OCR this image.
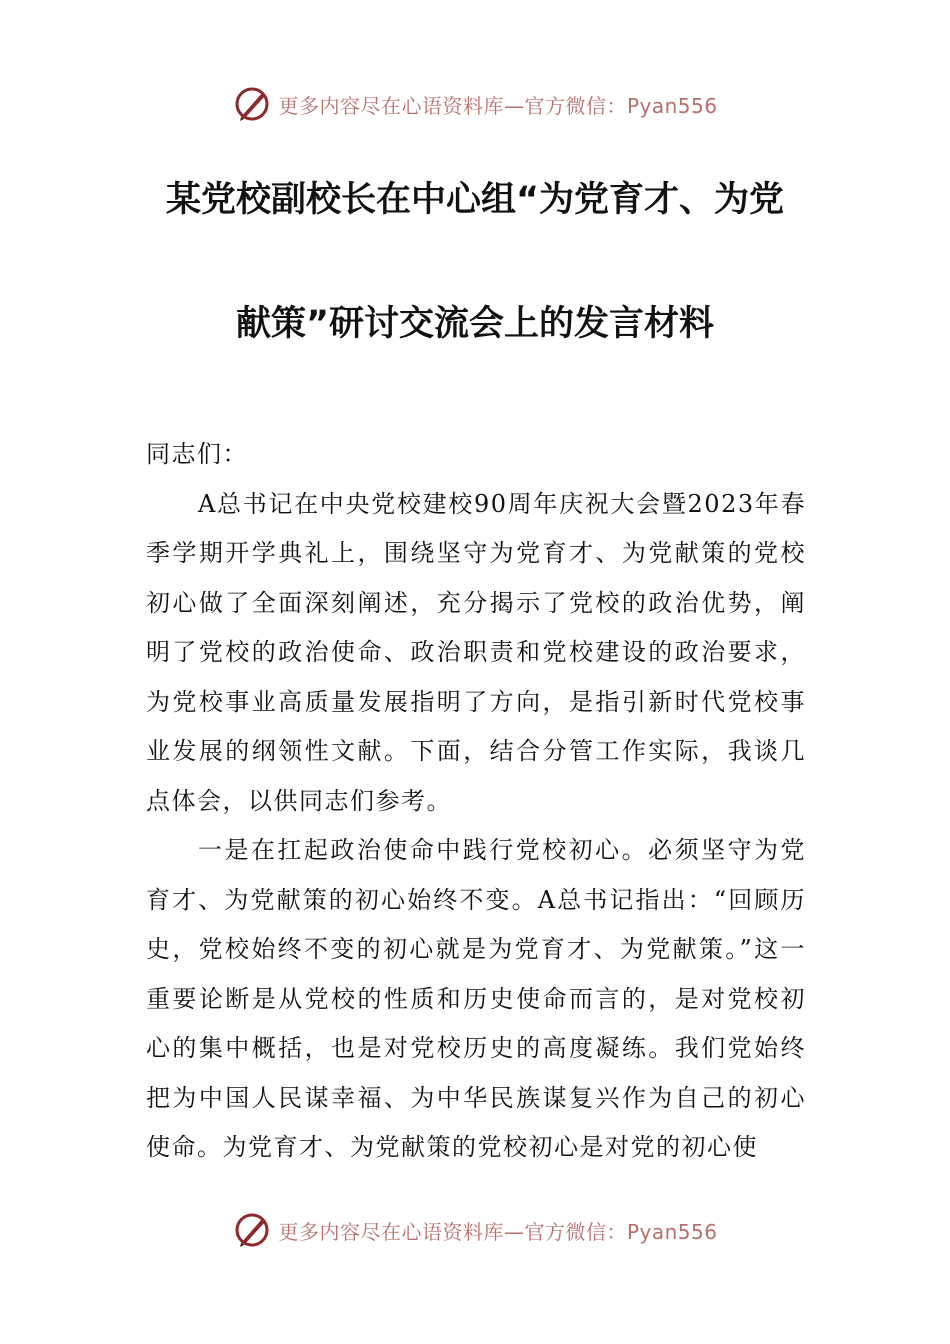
更多内容尽在心语资料库—官方微信：Pyan556
某党校副校长在中心组“为党育才、为党
献策”研讨交流会上的发言材料

同志们：

A总书记在中央党校建校90周年庆祝大会暨2023年春季学期开学典礼上，围绕坚守为党育才、为党献策的党校初心做了全面深刻阐述，充分揭示了党校的政治优势，阐明了党校的政治使命、政治职责和党校建设的政治要求，为党校事业高质量发展指明了方向，是指引新时代党校事业发展的纲领性文献。下面，结合分管工作实际，我谈几点体会，以供同志们参考。

一是在扛起政治使命中践行党校初心。必须坚守为党育才、为党献策的初心始终不变。A总书记指出：“回顾历史，党校始终不变的初心就是为党育才、为党献策。”这一重要论断是从党校的性质和历史使命而言的，是对党校初心的集中概括，也是对党校历史的高度凝练。我们党始终把为中国人民谋幸福、为中华民族谋复兴作为自己的初心使命。为党育才、为党献策的党校初心是对党的初心使

更多内容尽在心语资料库—官方微信：Pyan556
